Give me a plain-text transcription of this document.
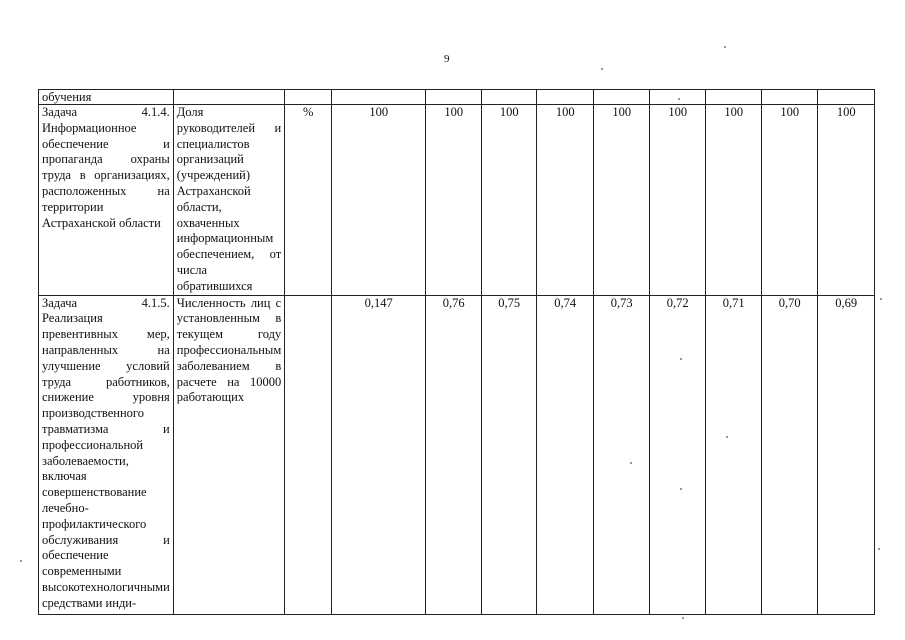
9
обучения											
Задача 4.1.4. Информационное обеспечение и пропаганда охраны труда в организациях, расположенных на территории Астраханской области	Доля руководителей и специалистов организаций (учреждений) Астраханской области, охваченных информационным обеспечением, от числа обратившихся	%	100	100	100	100	100	100	100	100	100
Задача 4.1.5. Реализация превентивных мер, направленных на улучшение условий труда работников, снижение уровня производственного травматизма и профессиональной заболеваемости, включая совершенствование лечебно-профилактического обслуживания и обеспечение современными высокотехнологичными средствами инди-	Численность лиц с установленным в текущем году профессиональным заболеванием в расчете на 10000 работающих		0,147	0,76	0,75	0,74	0,73	0,72	0,71	0,70	0,69
